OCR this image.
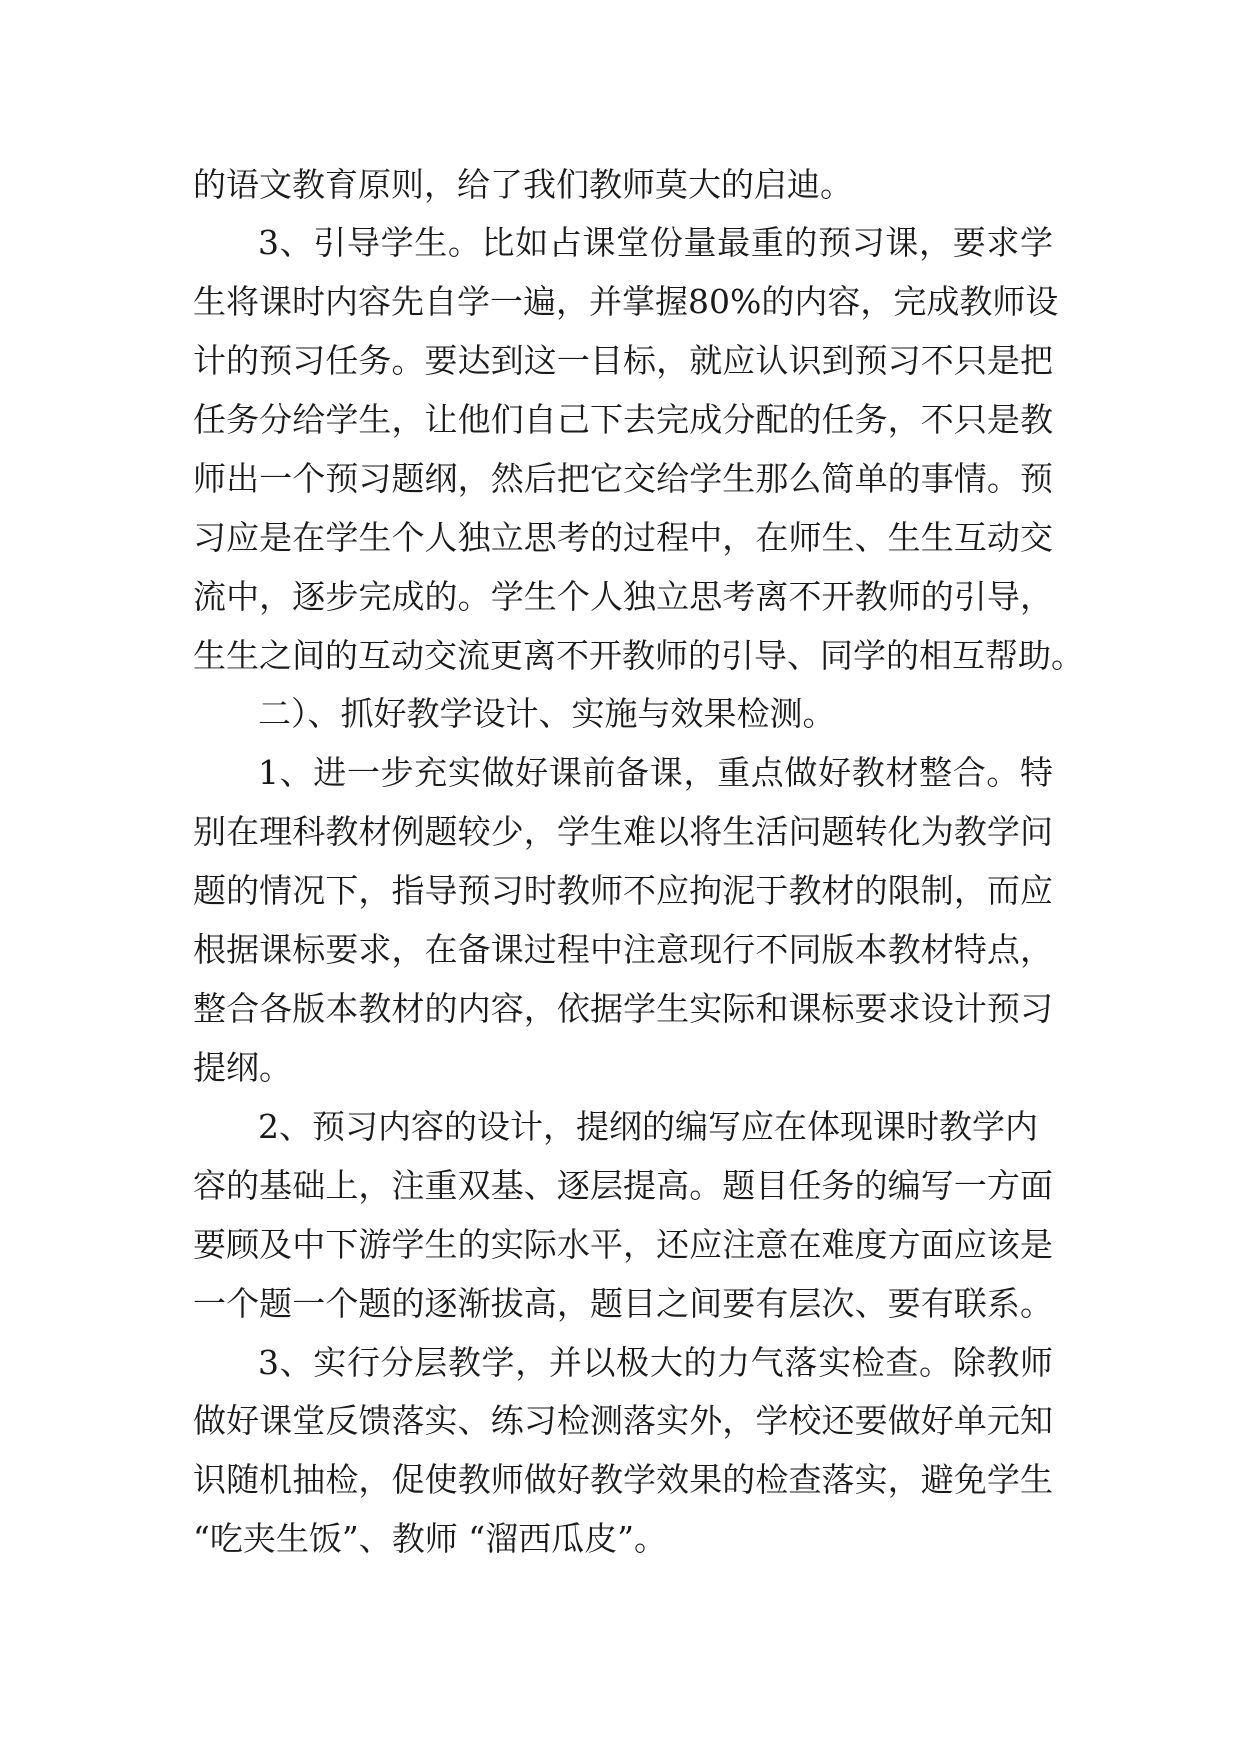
的语文教育原则，给了我们教师莫大的启迪。
3、引导学生。比如占课堂份量最重的预习课，要求学
生将课时内容先自学一遍，并掌握80%的内容，完成教师设
计的预习任务。要达到这一目标，就应认识到预习不只是把
任务分给学生，让他们自己下去完成分配的任务，不只是教
师出一个预习题纲，然后把它交给学生那么简单的事情。预
习应是在学生个人独立思考的过程中，在师生、生生互动交
流中，逐步完成的。学生个人独立思考离不开教师的引导，
生生之间的互动交流更离不开教师的引导、同学的相互帮助。
二）、抓好教学设计、实施与效果检测。
1、进一步充实做好课前备课，重点做好教材整合。特
别在理科教材例题较少，学生难以将生活问题转化为教学问
题的情况下，指导预习时教师不应拘泥于教材的限制，而应
根据课标要求，在备课过程中注意现行不同版本教材特点，
整合各版本教材的内容，依据学生实际和课标要求设计预习
提纲。
2、预习内容的设计，提纲的编写应在体现课时教学内
容的基础上，注重双基、逐层提高。题目任务的编写一方面
要顾及中下游学生的实际水平，还应注意在难度方面应该是
一个题一个题的逐渐拔高，题目之间要有层次、要有联系。
3、实行分层教学，并以极大的力气落实检查。除教师
做好课堂反馈落实、练习检测落实外，学校还要做好单元知
识随机抽检，促使教师做好教学效果的检查落实，避免学生
“吃夹生饭”、教师 “溜西瓜皮”。
